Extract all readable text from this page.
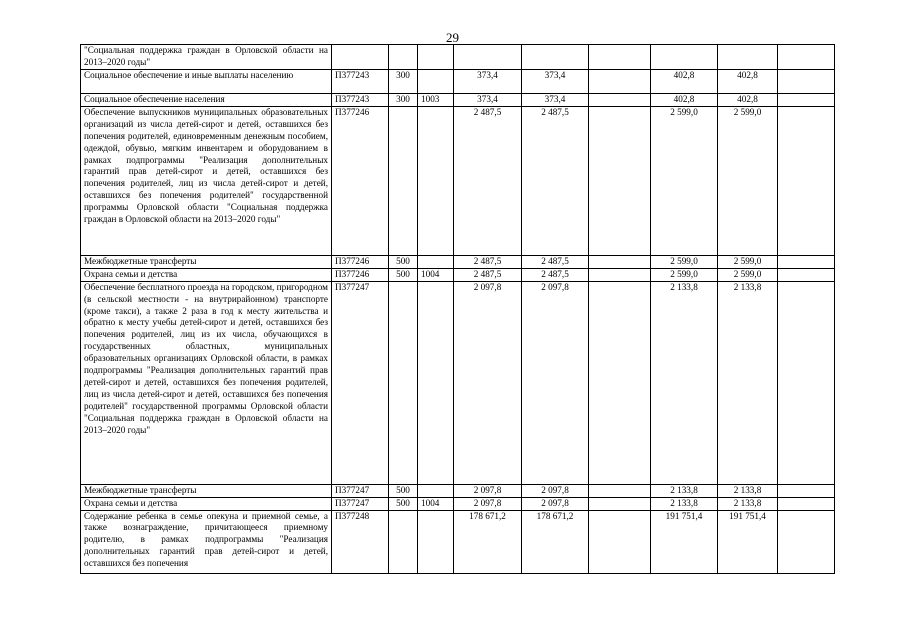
29
"Социальная поддержка граждан в Орловской области на 2013–2020 годы"									
Социальное обеспечение и иные выплаты населению	П377243	300		373,4	373,4		402,8	402,8	
Социальное обеспечение населения	П377243	300	1003	373,4	373,4		402,8	402,8	
Обеспечение выпускников муниципальных образовательных организаций из числа детей-сирот и детей, оставшихся без попечения родителей, единовременным денежным пособием, одеждой, обувью, мягким инвентарем и оборудованием в рамках подпрограммы "Реализация дополнительных гарантий прав детей-сирот и детей, оставшихся без попечения родителей, лиц из числа детей-сирот и детей, оставшихся без попечения родителей" государственной программы Орловской области "Социальная поддержка граждан в Орловской области на 2013–2020 годы"	П377246			2 487,5	2 487,5		2 599,0	2 599,0	
Межбюджетные трансферты	П377246	500		2 487,5	2 487,5		2 599,0	2 599,0	
Охрана семьи и детства	П377246	500	1004	2 487,5	2 487,5		2 599,0	2 599,0	
Обеспечение бесплатного проезда на городском, пригородном (в сельской местности - на внутрирайонном) транспорте (кроме такси), а также 2 раза в год к месту жительства и обратно к месту учебы детей-сирот и детей, оставшихся без попечения родителей, лиц из их числа, обучающихся в государственных областных, муниципальных образовательных организациях Орловской области, в рамках подпрограммы "Реализация дополнительных гарантий прав детей-сирот и детей, оставшихся без попечения родителей, лиц из числа детей-сирот и детей, оставшихся без попечения родителей" государственной программы Орловской области "Социальная поддержка граждан в Орловской области на 2013–2020 годы"	П377247			2 097,8	2 097,8		2 133,8	2 133,8	
Межбюджетные трансферты	П377247	500		2 097,8	2 097,8		2 133,8	2 133,8	
Охрана семьи и детства	П377247	500	1004	2 097,8	2 097,8		2 133,8	2 133,8	
Содержание ребенка в семье опекуна и приемной семье, а также вознаграждение, причитающееся приемному родителю, в рамках подпрограммы "Реализация дополнительных гарантий прав детей-сирот и детей, оставшихся без попечения	П377248			178 671,2	178 671,2		191 751,4	191 751,4	
